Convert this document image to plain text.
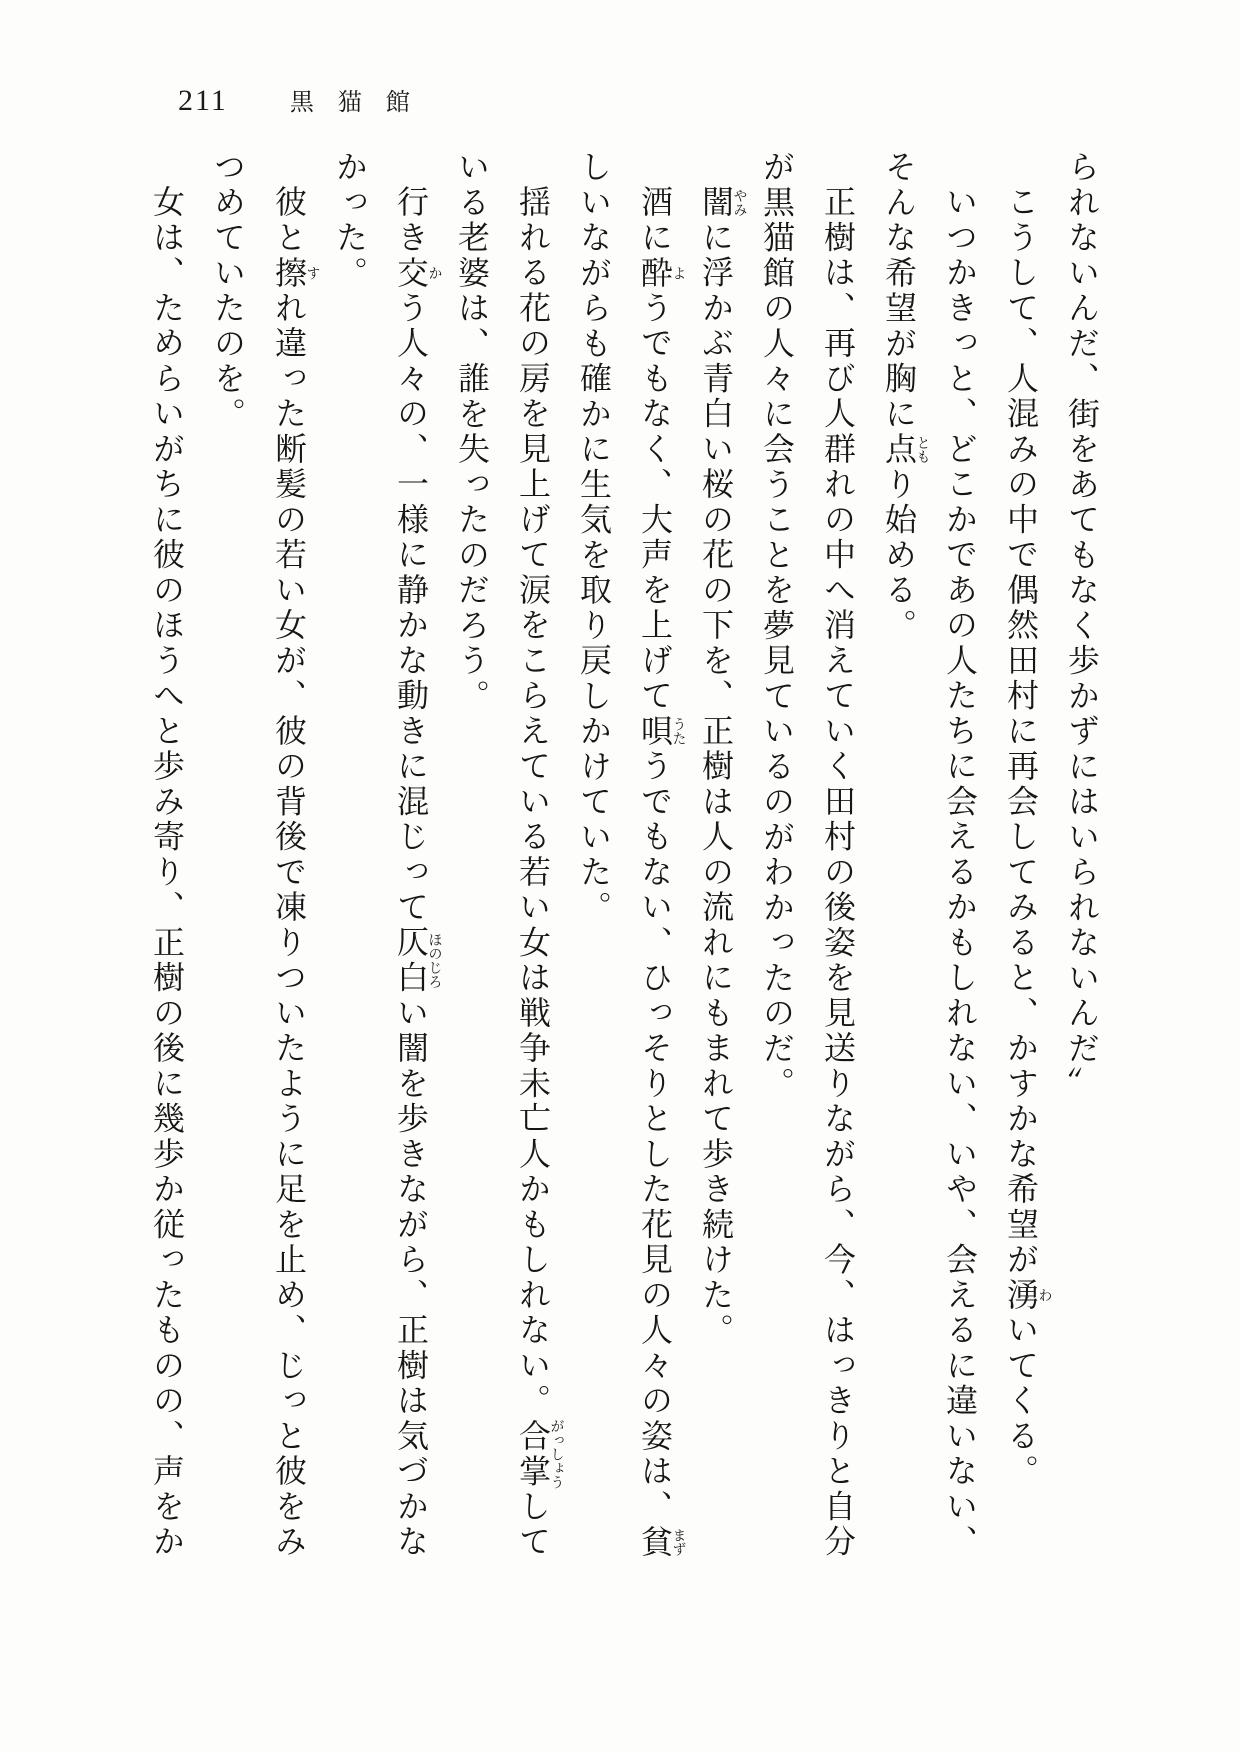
211	黒猫館

られないんだ、街をあてもなく歩かずにはいられないんだ〞

こうして、人混みの中で偶然田村に再会してみると、かすかな希望が湧わいてくる。

いつかきっと、どこかであの人たちに会えるかもしれない、いや、会えるに違いない、そんな希望が胸に点ともり始める。

正樹は、再び人群れの中へ消えていく田村の後姿を見送りながら、今、はっきりと自分が黒猫館の人々に会うことを夢見ているのがわかったのだ。

闇やみに浮かぶ青白い桜の花の下を、正樹は人の流れにもまれて歩き続けた。

酒に酔ようでもなく、大声を上げて唄うたうでもない、ひっそりとした花見の人々の姿は、貧まずしいながらも確かに生気を取り戻しかけていた。

揺れる花の房を見上げて涙をこらえている若い女は戦争未亡人かもしれない。合掌がっしょうしている老婆は、誰を失ったのだろう。

行き交かう人々の、一様に静かな動きに混じって仄白ほのじろい闇を歩きながら、正樹は気づかなかった。

彼と擦すれ違った断髪の若い女が、彼の背後で凍りついたように足を止め、じっと彼をみつめていたのを。

女は、ためらいがちに彼のほうへと歩み寄り、正樹の後に幾歩か従ったものの、声をか
